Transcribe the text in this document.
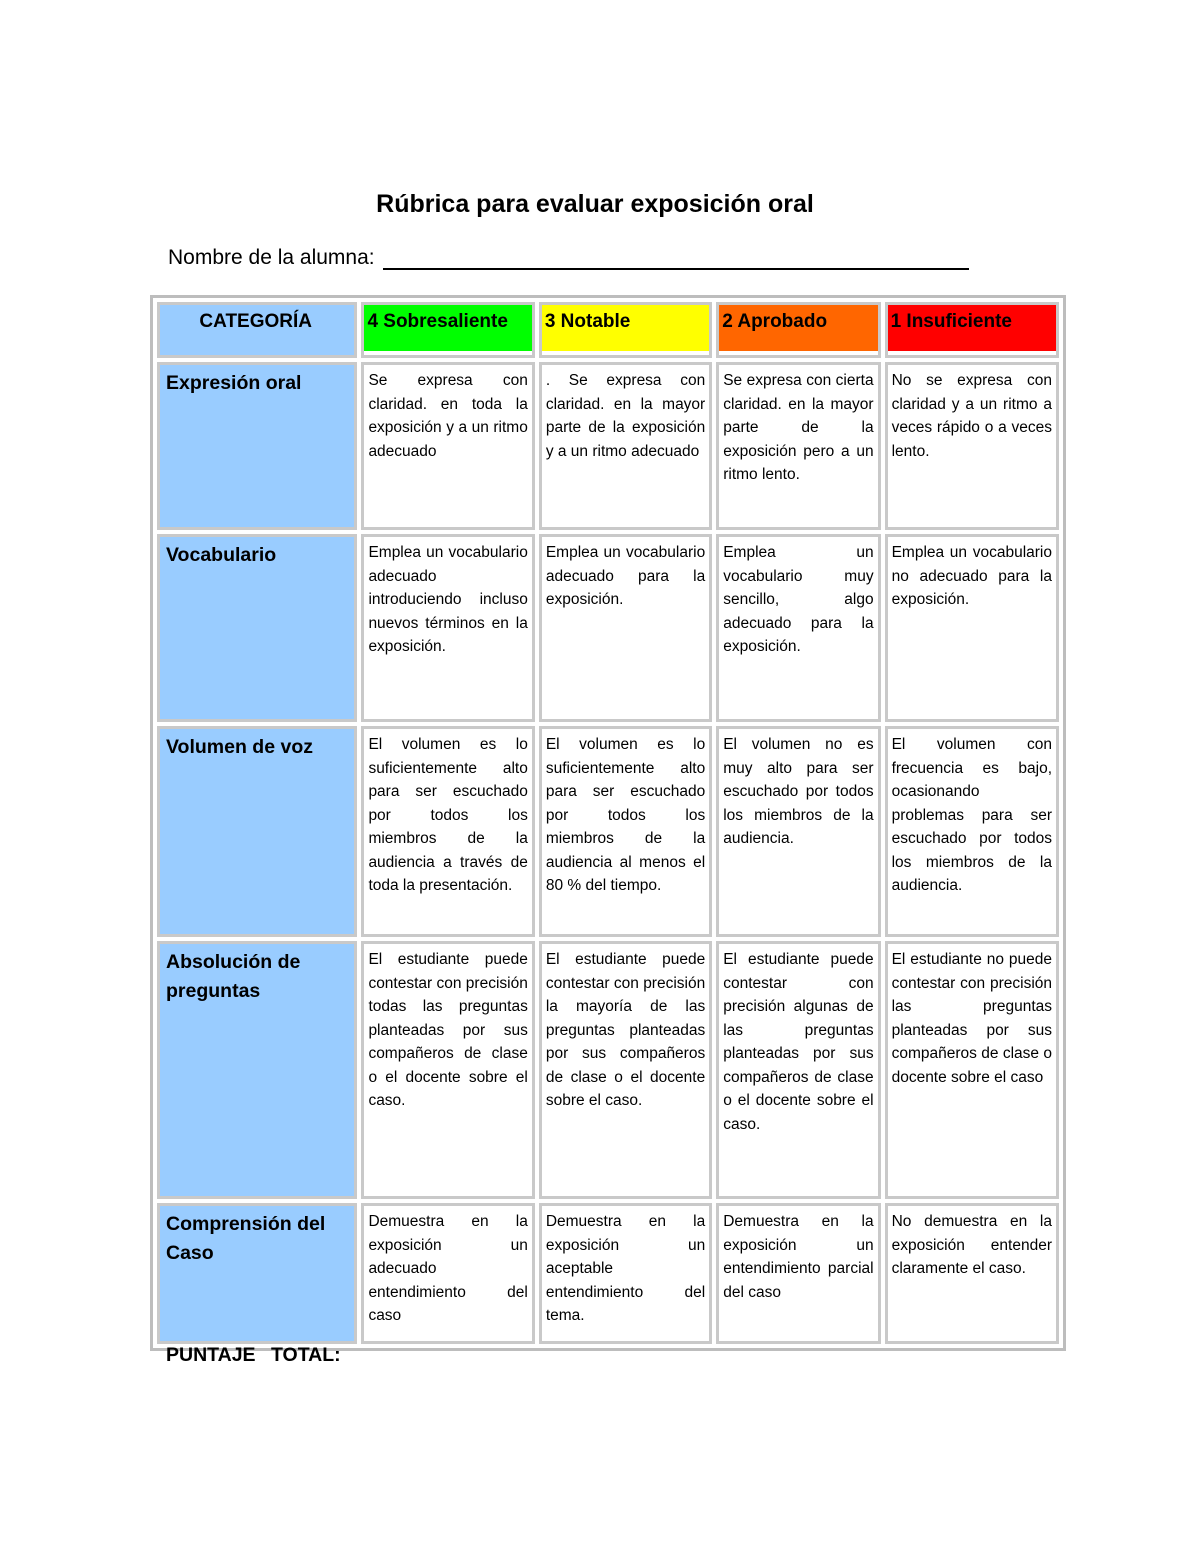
Rúbrica para evaluar exposición oral
Nombre de la alumna:
CATEGORÍA	4 Sobresaliente	3 Notable	2 Aprobado	1 Insuficiente

Expresión oral	Se expresa con claridad. en toda la exposición y a un ritmo adecuado	. Se expresa con claridad. en la mayor parte de la exposición y a un ritmo adecuado	Se expresa con cierta claridad. en la mayor parte de la exposición pero a un ritmo lento.	No se expresa con claridad y a un ritmo a veces rápido o a veces lento.
Vocabulario	Emplea un vocabulario adecuado introduciendo incluso nuevos términos en la exposición.	Emplea un vocabulario adecuado para la exposición.	Emplea un vocabulario muy sencillo, algo adecuado para la exposición.	Emplea un vocabulario no adecuado para la exposición.
Volumen de voz	El volumen es lo suficientemente alto para ser escuchado por todos los miembros de la audiencia a través de toda la presentación.	El volumen es lo suficientemente alto para ser escuchado por todos los miembros de la audiencia al menos el 80 % del tiempo.	El volumen no es muy alto para ser escuchado por todos los miembros de la audiencia.	El volumen con frecuencia es bajo, ocasionando problemas para ser escuchado por todos los miembros de la audiencia.
Absolución de preguntas	El estudiante puede contestar con precisión todas las preguntas planteadas por sus compañeros de clase o el docente sobre el caso.	El estudiante puede contestar con precisión la mayoría de las preguntas planteadas por sus compañeros de clase o el docente sobre el caso.	El estudiante puede contestar con precisión algunas de las preguntas planteadas por sus compañeros de clase o el docente sobre el caso.	El estudiante no puede contestar con precisión las preguntas planteadas por sus compañeros de clase o docente sobre el caso
Comprensión del Caso	Demuestra en la exposición un adecuado entendimiento del caso	Demuestra en la exposición un aceptable entendimiento del tema.	Demuestra en la exposición un entendimiento parcial del caso	No demuestra en la exposición entender claramente el caso.
PUNTAJE TOTAL:
